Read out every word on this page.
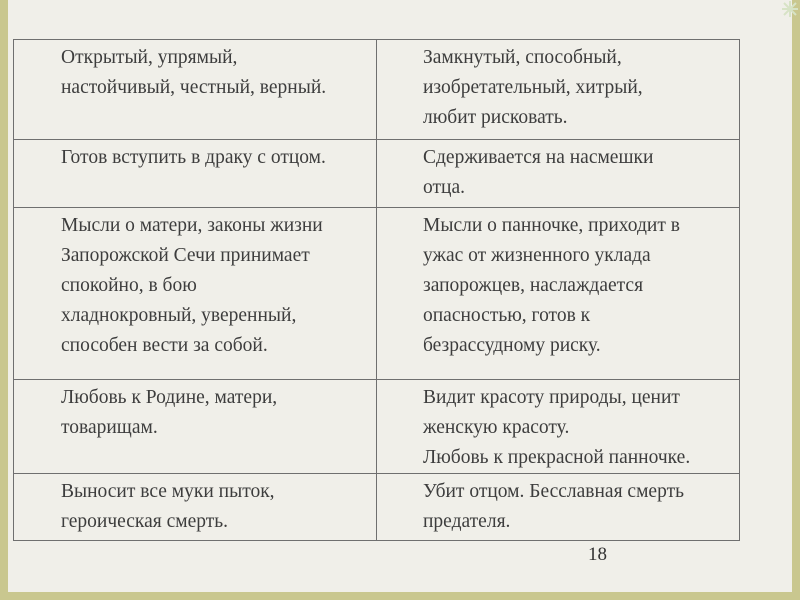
Открытый, упрямый,
настойчивый, честный, верный.	Замкнутый, способный,
изобретательный, хитрый,
любит рисковать.

Готов вступить в драку с отцом.	Сдерживается на насмешки
отца.

Мысли о матери, законы жизни
Запорожской Сечи принимает
спокойно, в бою
хладнокровный, уверенный,
способен вести за собой.	Мысли о панночке, приходит в
ужас от жизненного уклада
запорожцев, наслаждается
опасностью, готов к
безрассудному риску.

Любовь к Родине, матери,
товарищам.	Видит красоту природы, ценит
женскую красоту.
Любовь к прекрасной панночке.

Выносит все муки пыток,
героическая смерть.	Убит отцом. Бесславная смерть
предателя.
18
